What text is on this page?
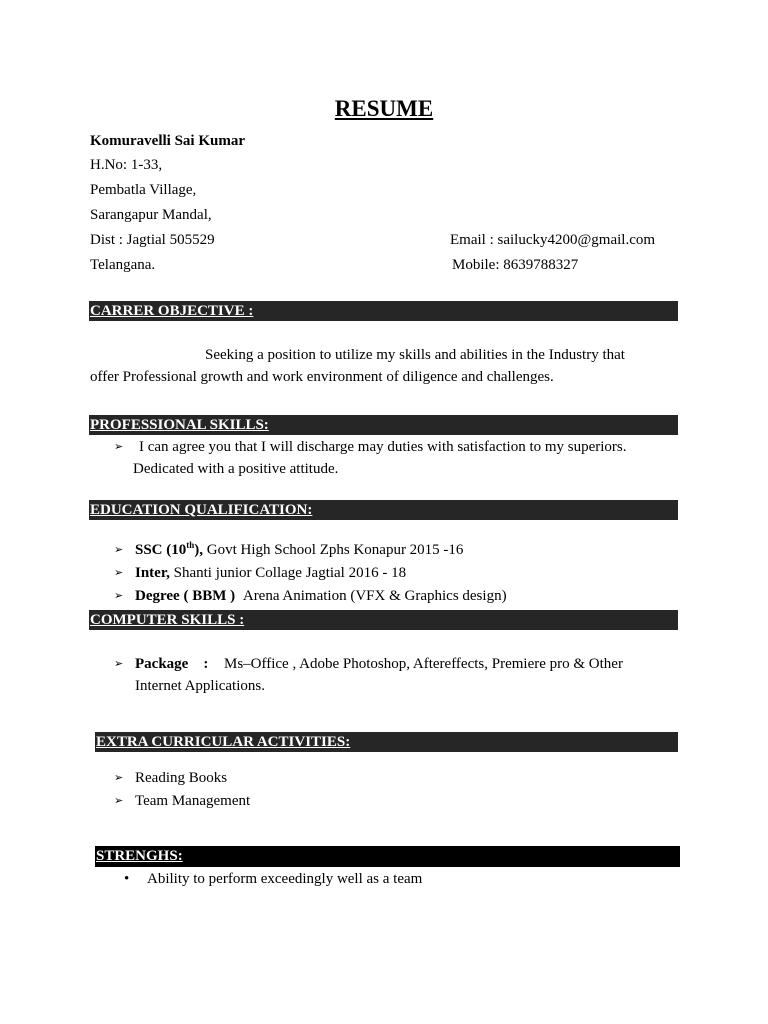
RESUME
Komuravelli Sai Kumar
H.No: 1-33,
Pembatla Village,
Sarangapur Mandal,
Dist : Jagtial 505529
Telangana.
Email : sailucky4200@gmail.com
Mobile: 8639788327
CARRER OBJECTIVE :
Seeking a position to utilize my skills and abilities in the Industry that
offer Professional growth and work environment of diligence and challenges.
PROFESSIONAL SKILLS:
➢ I can agree you that I will discharge may duties with satisfaction to my superiors.
Dedicated with a positive attitude.
EDUCATION QUALIFICATION:
➢ SSC (10th), Govt High School Zphs Konapur 2015 -16
➢ Inter, Shanti junior Collage Jagtial 2016 - 18
➢ Degree ( BBM ) Arena Animation (VFX & Graphics design)
COMPUTER SKILLS :
➢ Package    : Ms–Office , Adobe Photoshop, Aftereffects, Premiere pro & Other
Internet Applications.
EXTRA CURRICULAR ACTIVITIES:
➢ Reading Books
➢ Team Management
STRENGHS:
• Ability to perform exceedingly well as a team
